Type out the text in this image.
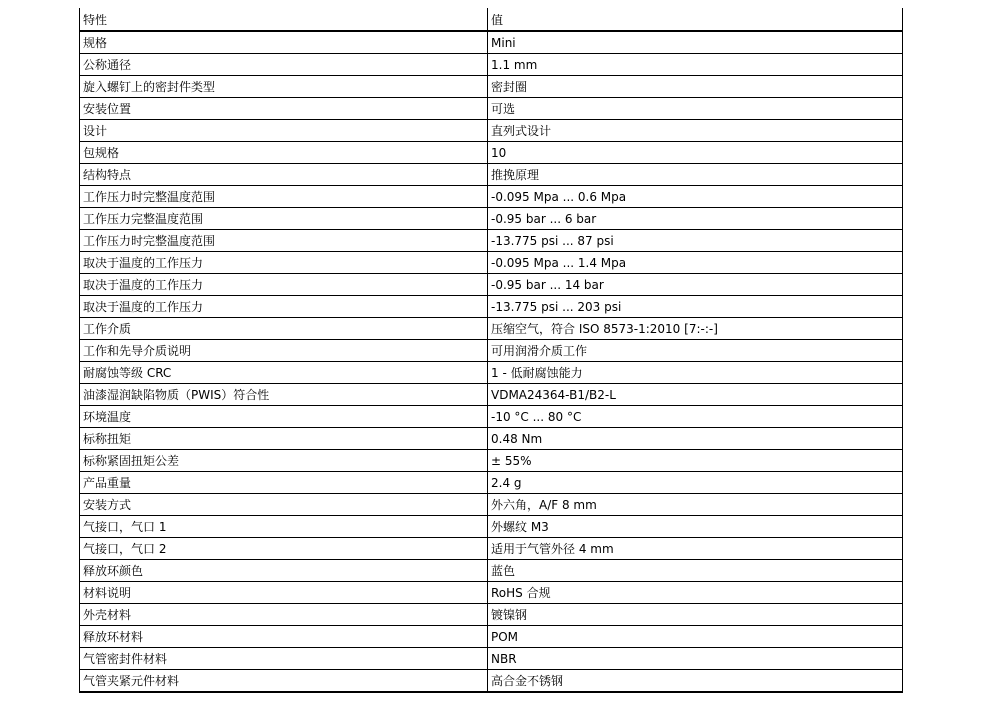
特性	值
规格	Mini
公称通径	1.1 mm
旋入螺钉上的密封件类型	密封圈
安装位置	可选
设计	直列式设计
包规格	10
结构特点	推挽原理
工作压力时完整温度范围	-0.095 Mpa ... 0.6 Mpa
工作压力完整温度范围	-0.95 bar ... 6 bar
工作压力时完整温度范围	-13.775 psi ... 87 psi
取决于温度的工作压力	-0.095 Mpa ... 1.4 Mpa
取决于温度的工作压力	-0.95 bar ... 14 bar
取决于温度的工作压力	-13.775 psi ... 203 psi
工作介质	压缩空气，符合 ISO 8573-1:2010 [7:-:-]
工作和先导介质说明	可用润滑介质工作
耐腐蚀等级 CRC	1 - 低耐腐蚀能力
油漆湿润缺陷物质（PWIS）符合性	VDMA24364-B1/B2-L
环境温度	-10 °C ... 80 °C
标称扭矩	0.48 Nm
标称紧固扭矩公差	± 55%
产品重量	2.4 g
安装方式	外六角，A/F 8 mm
气接口，气口 1	外螺纹 M3
气接口，气口 2	适用于气管外径 4 mm
释放环颜色	蓝色
材料说明	RoHS 合规
外壳材料	镀镍钢
释放环材料	POM
气管密封件材料	NBR
气管夹紧元件材料	高合金不锈钢
